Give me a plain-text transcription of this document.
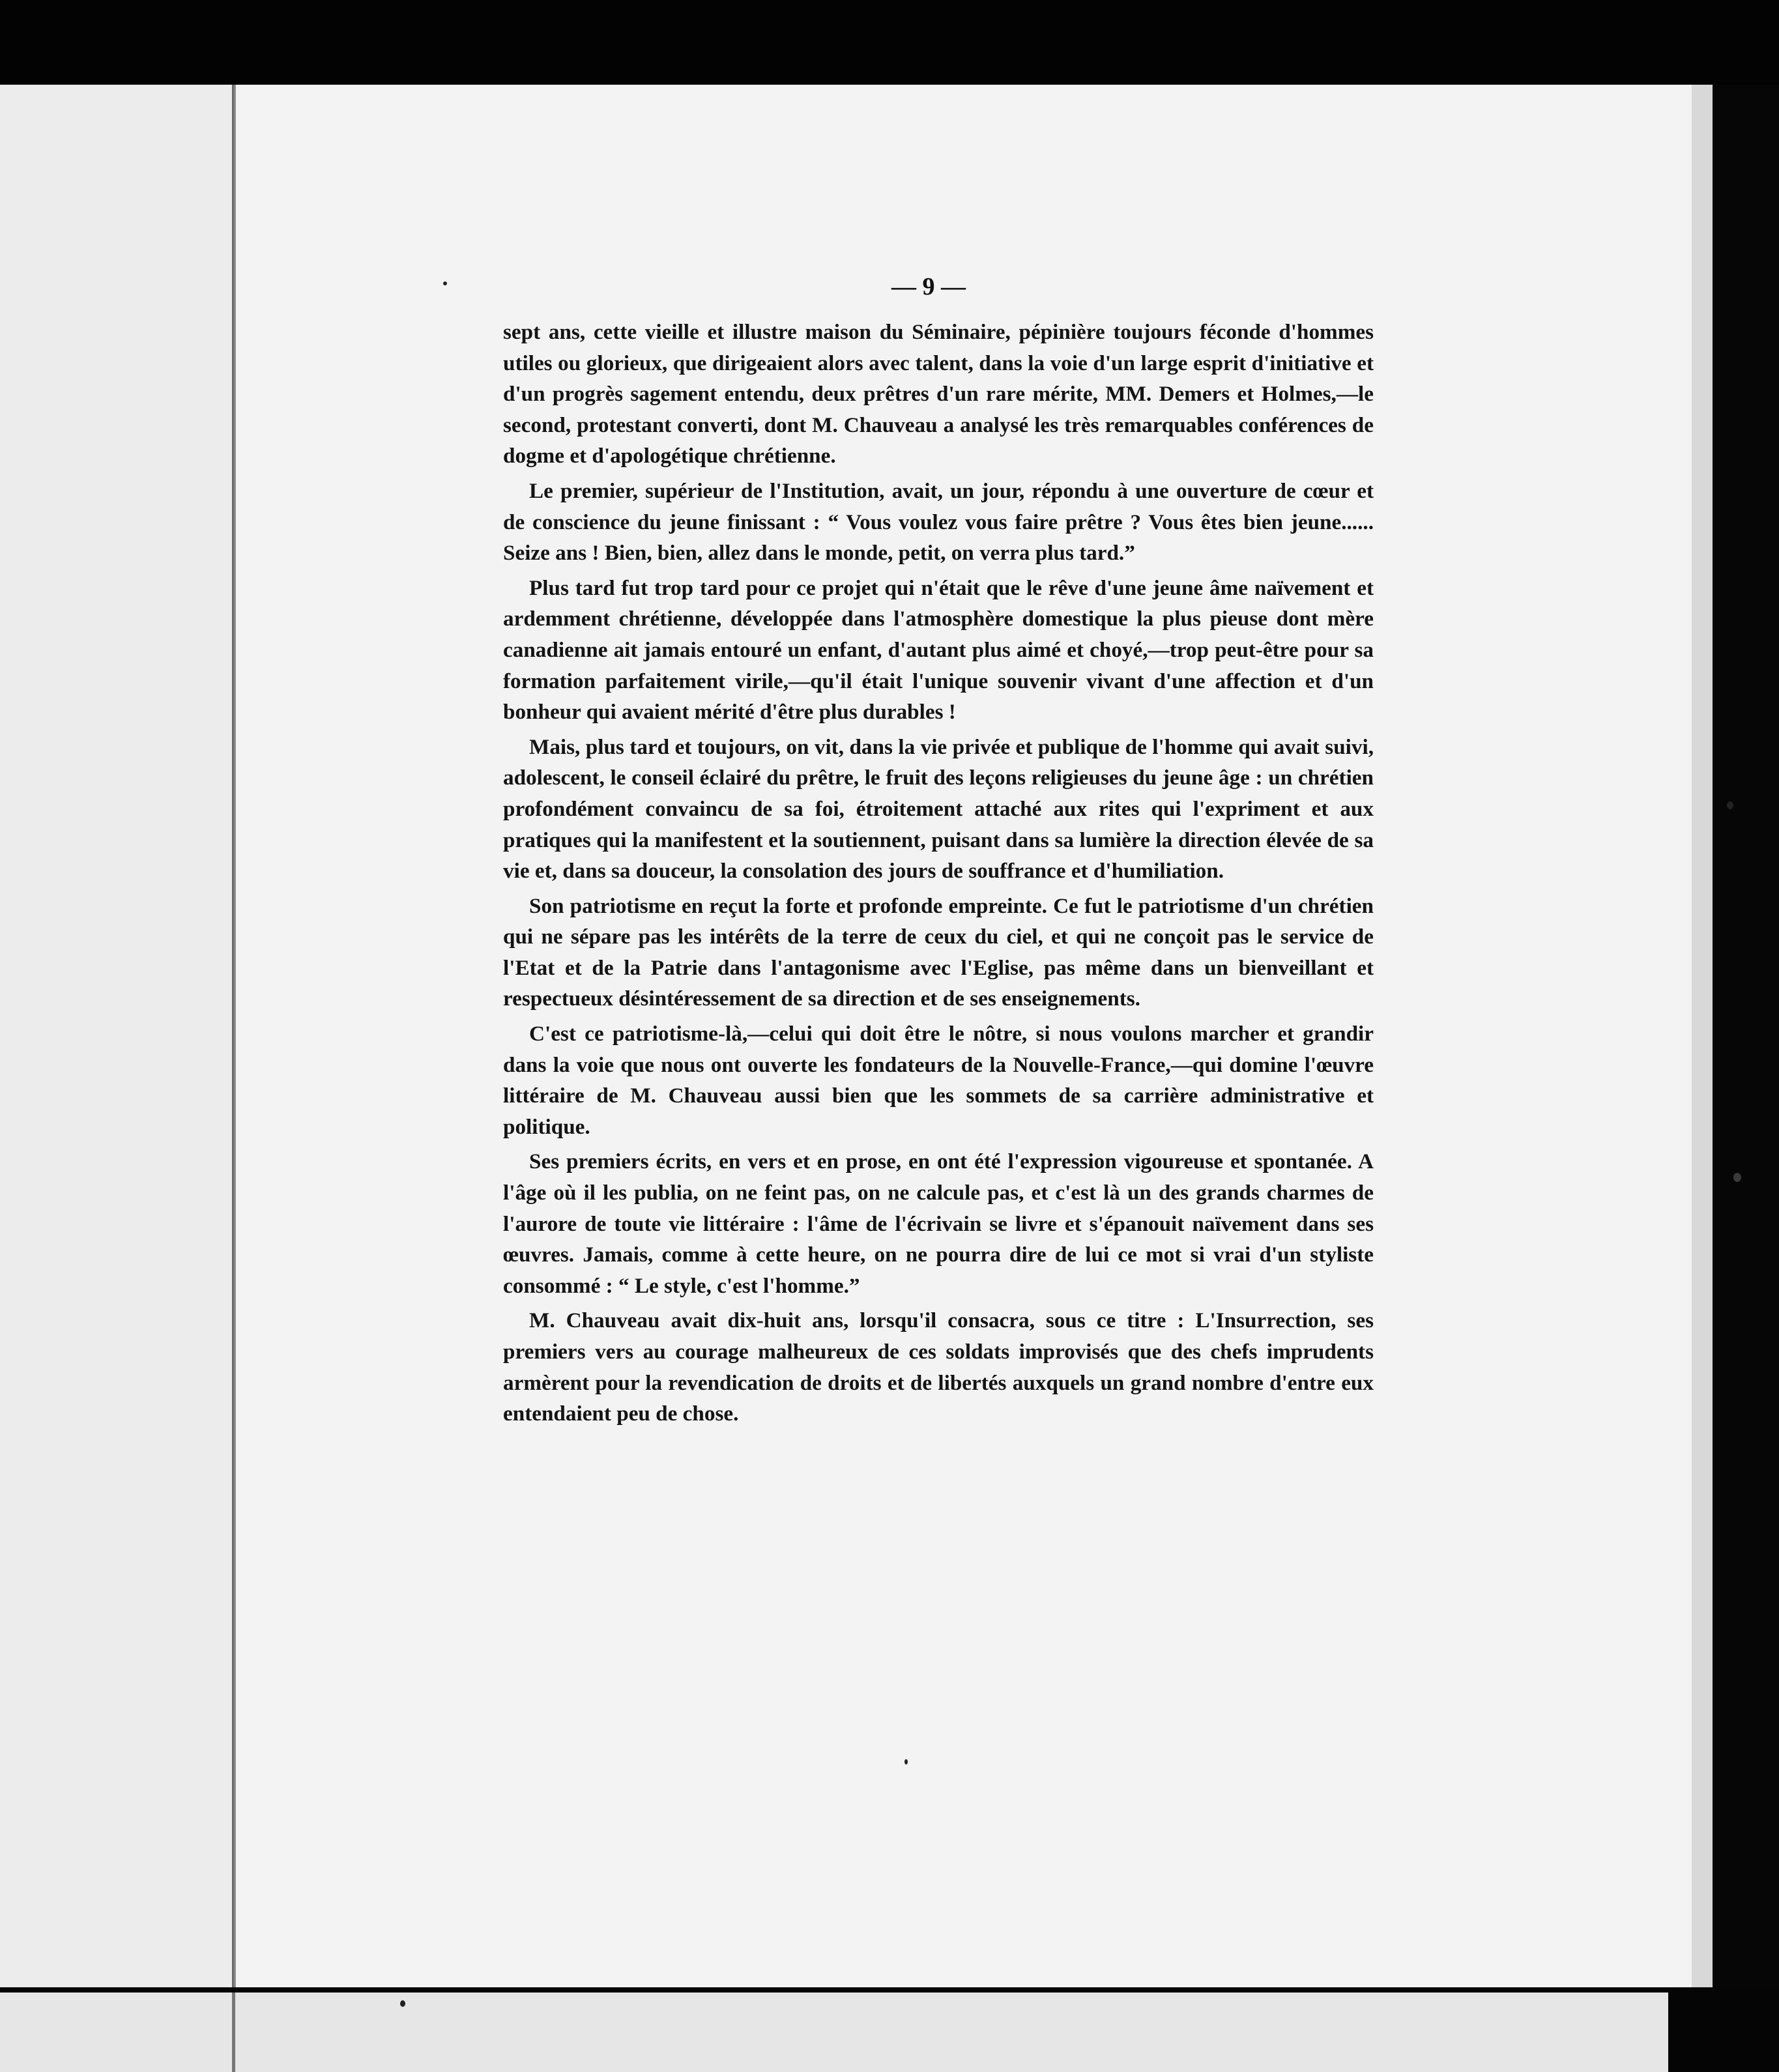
— 9 —

sept ans, cette vieille et illustre maison du Séminaire, pépinière toujours féconde d'hommes utiles ou glorieux, que dirigeaient alors avec talent, dans la voie d'un large esprit d'initiative et d'un progrès sagement entendu, deux prêtres d'un rare mérite, MM. Demers et Holmes,—le second, protestant converti, dont M. Chauveau a analysé les très remarquables conférences de dogme et d'apologétique chrétienne.

Le premier, supérieur de l'Institution, avait, un jour, répondu à une ouverture de cœur et de conscience du jeune finissant : “ Vous voulez vous faire prêtre ? Vous êtes bien jeune...... Seize ans ! Bien, bien, allez dans le monde, petit, on verra plus tard.”

Plus tard fut trop tard pour ce projet qui n'était que le rêve d'une jeune âme naïvement et ardemment chrétienne, développée dans l'atmosphère domestique la plus pieuse dont mère canadienne ait jamais entouré un enfant, d'autant plus aimé et choyé,—trop peut-être pour sa formation parfaitement virile,—qu'il était l'unique souvenir vivant d'une affection et d'un bonheur qui avaient mérité d'être plus durables !

Mais, plus tard et toujours, on vit, dans la vie privée et publique de l'homme qui avait suivi, adolescent, le conseil éclairé du prêtre, le fruit des leçons religieuses du jeune âge : un chrétien profondément convaincu de sa foi, étroitement attaché aux rites qui l'expriment et aux pratiques qui la manifestent et la soutiennent, puisant dans sa lumière la direction élevée de sa vie et, dans sa douceur, la consolation des jours de souffrance et d'humiliation.

Son patriotisme en reçut la forte et profonde empreinte. Ce fut le patriotisme d'un chrétien qui ne sépare pas les intérêts de la terre de ceux du ciel, et qui ne conçoit pas le service de l'Etat et de la Patrie dans l'antagonisme avec l'Eglise, pas même dans un bienveillant et respectueux désintéressement de sa direction et de ses enseignements.

C'est ce patriotisme-là,—celui qui doit être le nôtre, si nous voulons marcher et grandir dans la voie que nous ont ouverte les fondateurs de la Nouvelle-France,—qui domine l'œuvre littéraire de M. Chauveau aussi bien que les sommets de sa carrière administrative et politique.

Ses premiers écrits, en vers et en prose, en ont été l'expression vigoureuse et spontanée. A l'âge où il les publia, on ne feint pas, on ne calcule pas, et c'est là un des grands charmes de l'aurore de toute vie littéraire : l'âme de l'écrivain se livre et s'épanouit naïvement dans ses œuvres. Jamais, comme à cette heure, on ne pourra dire de lui ce mot si vrai d'un styliste consommé : “ Le style, c'est l'homme.”

M. Chauveau avait dix-huit ans, lorsqu'il consacra, sous ce titre : L'Insurrection, ses premiers vers au courage malheureux de ces soldats improvisés que des chefs imprudents armèrent pour la revendication de droits et de libertés auxquels un grand nombre d'entre eux entendaient peu de chose.
